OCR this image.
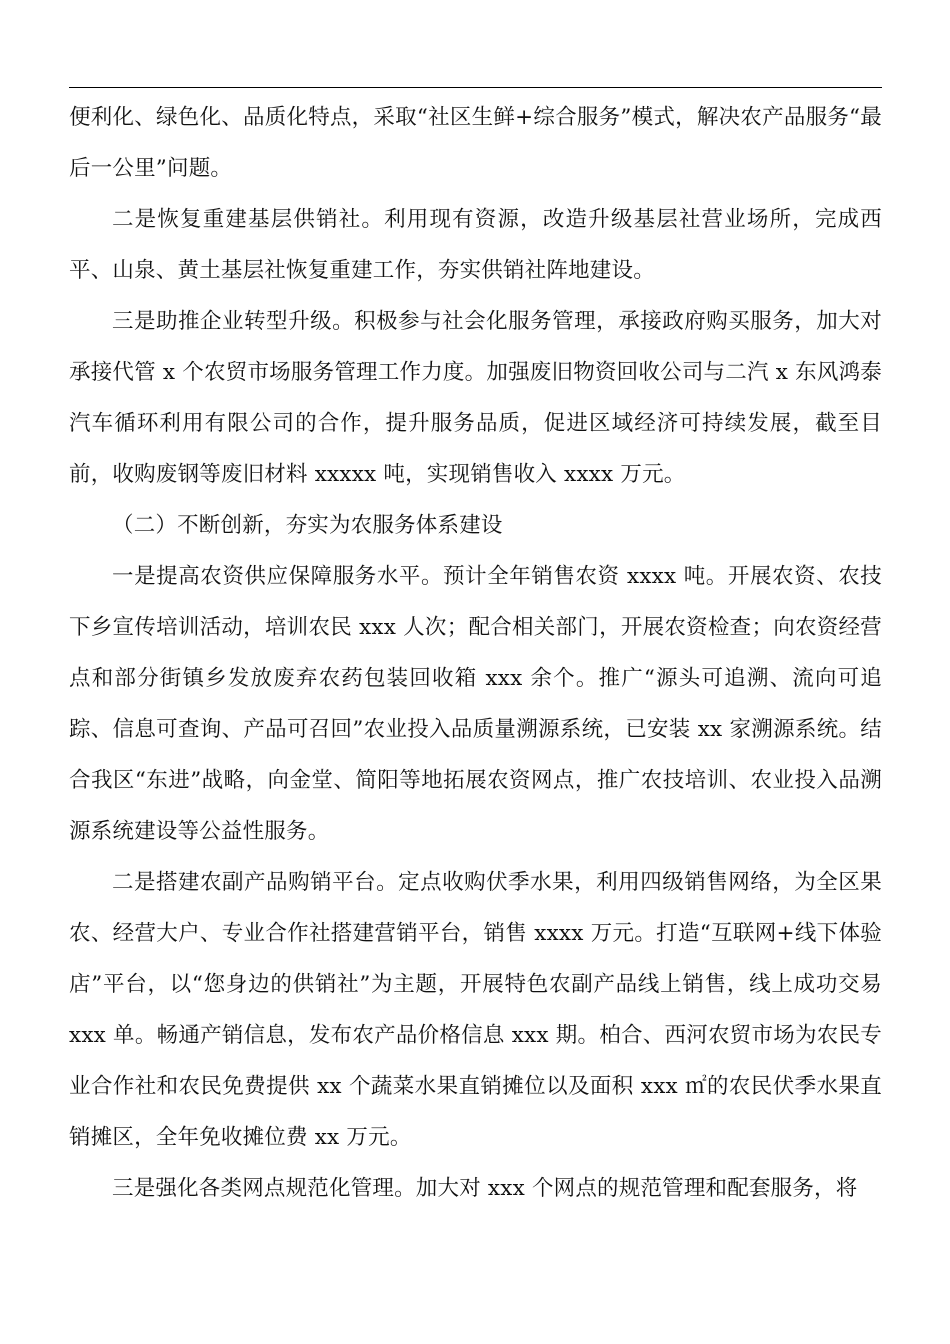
便利化、绿色化、品质化特点，采取“社区生鲜+综合服务”模式，解决农产品服务“最后一公里”问题。

二是恢复重建基层供销社。利用现有资源，改造升级基层社营业场所，完成西平、山泉、黄土基层社恢复重建工作，夯实供销社阵地建设。

三是助推企业转型升级。积极参与社会化服务管理，承接政府购买服务，加大对承接代管 x 个农贸市场服务管理工作力度。加强废旧物资回收公司与二汽 x 东风鸿泰汽车循环利用有限公司的合作，提升服务品质，促进区域经济可持续发展，截至目前，收购废钢等废旧材料 xxxxx 吨，实现销售收入 xxxx 万元。

（二）不断创新，夯实为农服务体系建设

一是提高农资供应保障服务水平。预计全年销售农资 xxxx 吨。开展农资、农技下乡宣传培训活动，培训农民 xxx 人次；配合相关部门，开展农资检查；向农资经营点和部分街镇乡发放废弃农药包装回收箱 xxx 余个。推广“源头可追溯、流向可追踪、信息可查询、产品可召回”农业投入品质量溯源系统，已安装 xx 家溯源系统。结合我区“东进”战略，向金堂、简阳等地拓展农资网点，推广农技培训、农业投入品溯源系统建设等公益性服务。

二是搭建农副产品购销平台。定点收购伏季水果，利用四级销售网络，为全区果农、经营大户、专业合作社搭建营销平台，销售 xxxx 万元。打造“互联网+线下体验店”平台，以“您身边的供销社”为主题，开展特色农副产品线上销售，线上成功交易 xxx 单。畅通产销信息，发布农产品价格信息 xxx 期。柏合、西河农贸市场为农民专业合作社和农民免费提供 xx 个蔬菜水果直销摊位以及面积 xxx ㎡的农民伏季水果直销摊区，全年免收摊位费 xx 万元。

三是强化各类网点规范化管理。加大对 xxx 个网点的规范管理和配套服务，将
